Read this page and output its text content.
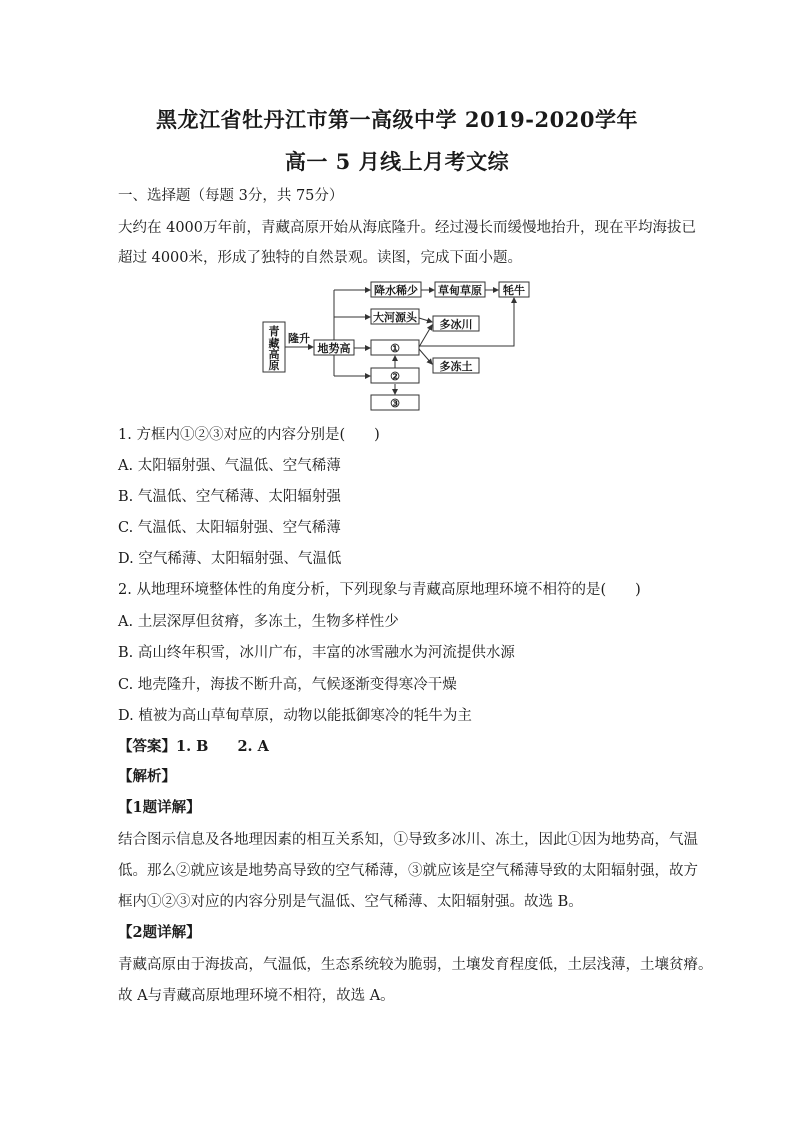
黑龙江省牡丹江市第一高级中学 2019-2020学年
高一 5 月线上月考文综
一、选择题（每题 3分，共 75分）
大约在 4000万年前，青藏高原开始从海底隆升。经过漫长而缓慢地抬升，现在平均海拔已
超过 4000米，形成了独特的自然景观。读图，完成下面小题。
青
藏
高
原
隆升
地势高
降水稀少 草甸草原 牦牛
大河源头
多冰川
多冻土
①
②
③
1. 方框内①②③对应的内容分别是(　　)
A. 太阳辐射强、气温低、空气稀薄
B. 气温低、空气稀薄、太阳辐射强
C. 气温低、太阳辐射强、空气稀薄
D. 空气稀薄、太阳辐射强、气温低
2. 从地理环境整体性的角度分析，下列现象与青藏高原地理环境不相符的是(　　)
A. 土层深厚但贫瘠，多冻土，生物多样性少
B. 高山终年积雪，冰川广布，丰富的冰雪融水为河流提供水源
C. 地壳隆升，海拔不断升高，气候逐渐变得寒冷干燥
D. 植被为高山草甸草原，动物以能抵御寒冷的牦牛为主
【答案】1. B　　2. A
【解析】
【1题详解】
结合图示信息及各地理因素的相互关系知，①导致多冰川、冻土，因此①因为地势高，气温
低。那么②就应该是地势高导致的空气稀薄，③就应该是空气稀薄导致的太阳辐射强，故方
框内①②③对应的内容分别是气温低、空气稀薄、太阳辐射强。故选 B。
【2题详解】
青藏高原由于海拔高，气温低，生态系统较为脆弱，土壤发育程度低，土层浅薄，土壤贫瘠。
故 A与青藏高原地理环境不相符，故选 A。
